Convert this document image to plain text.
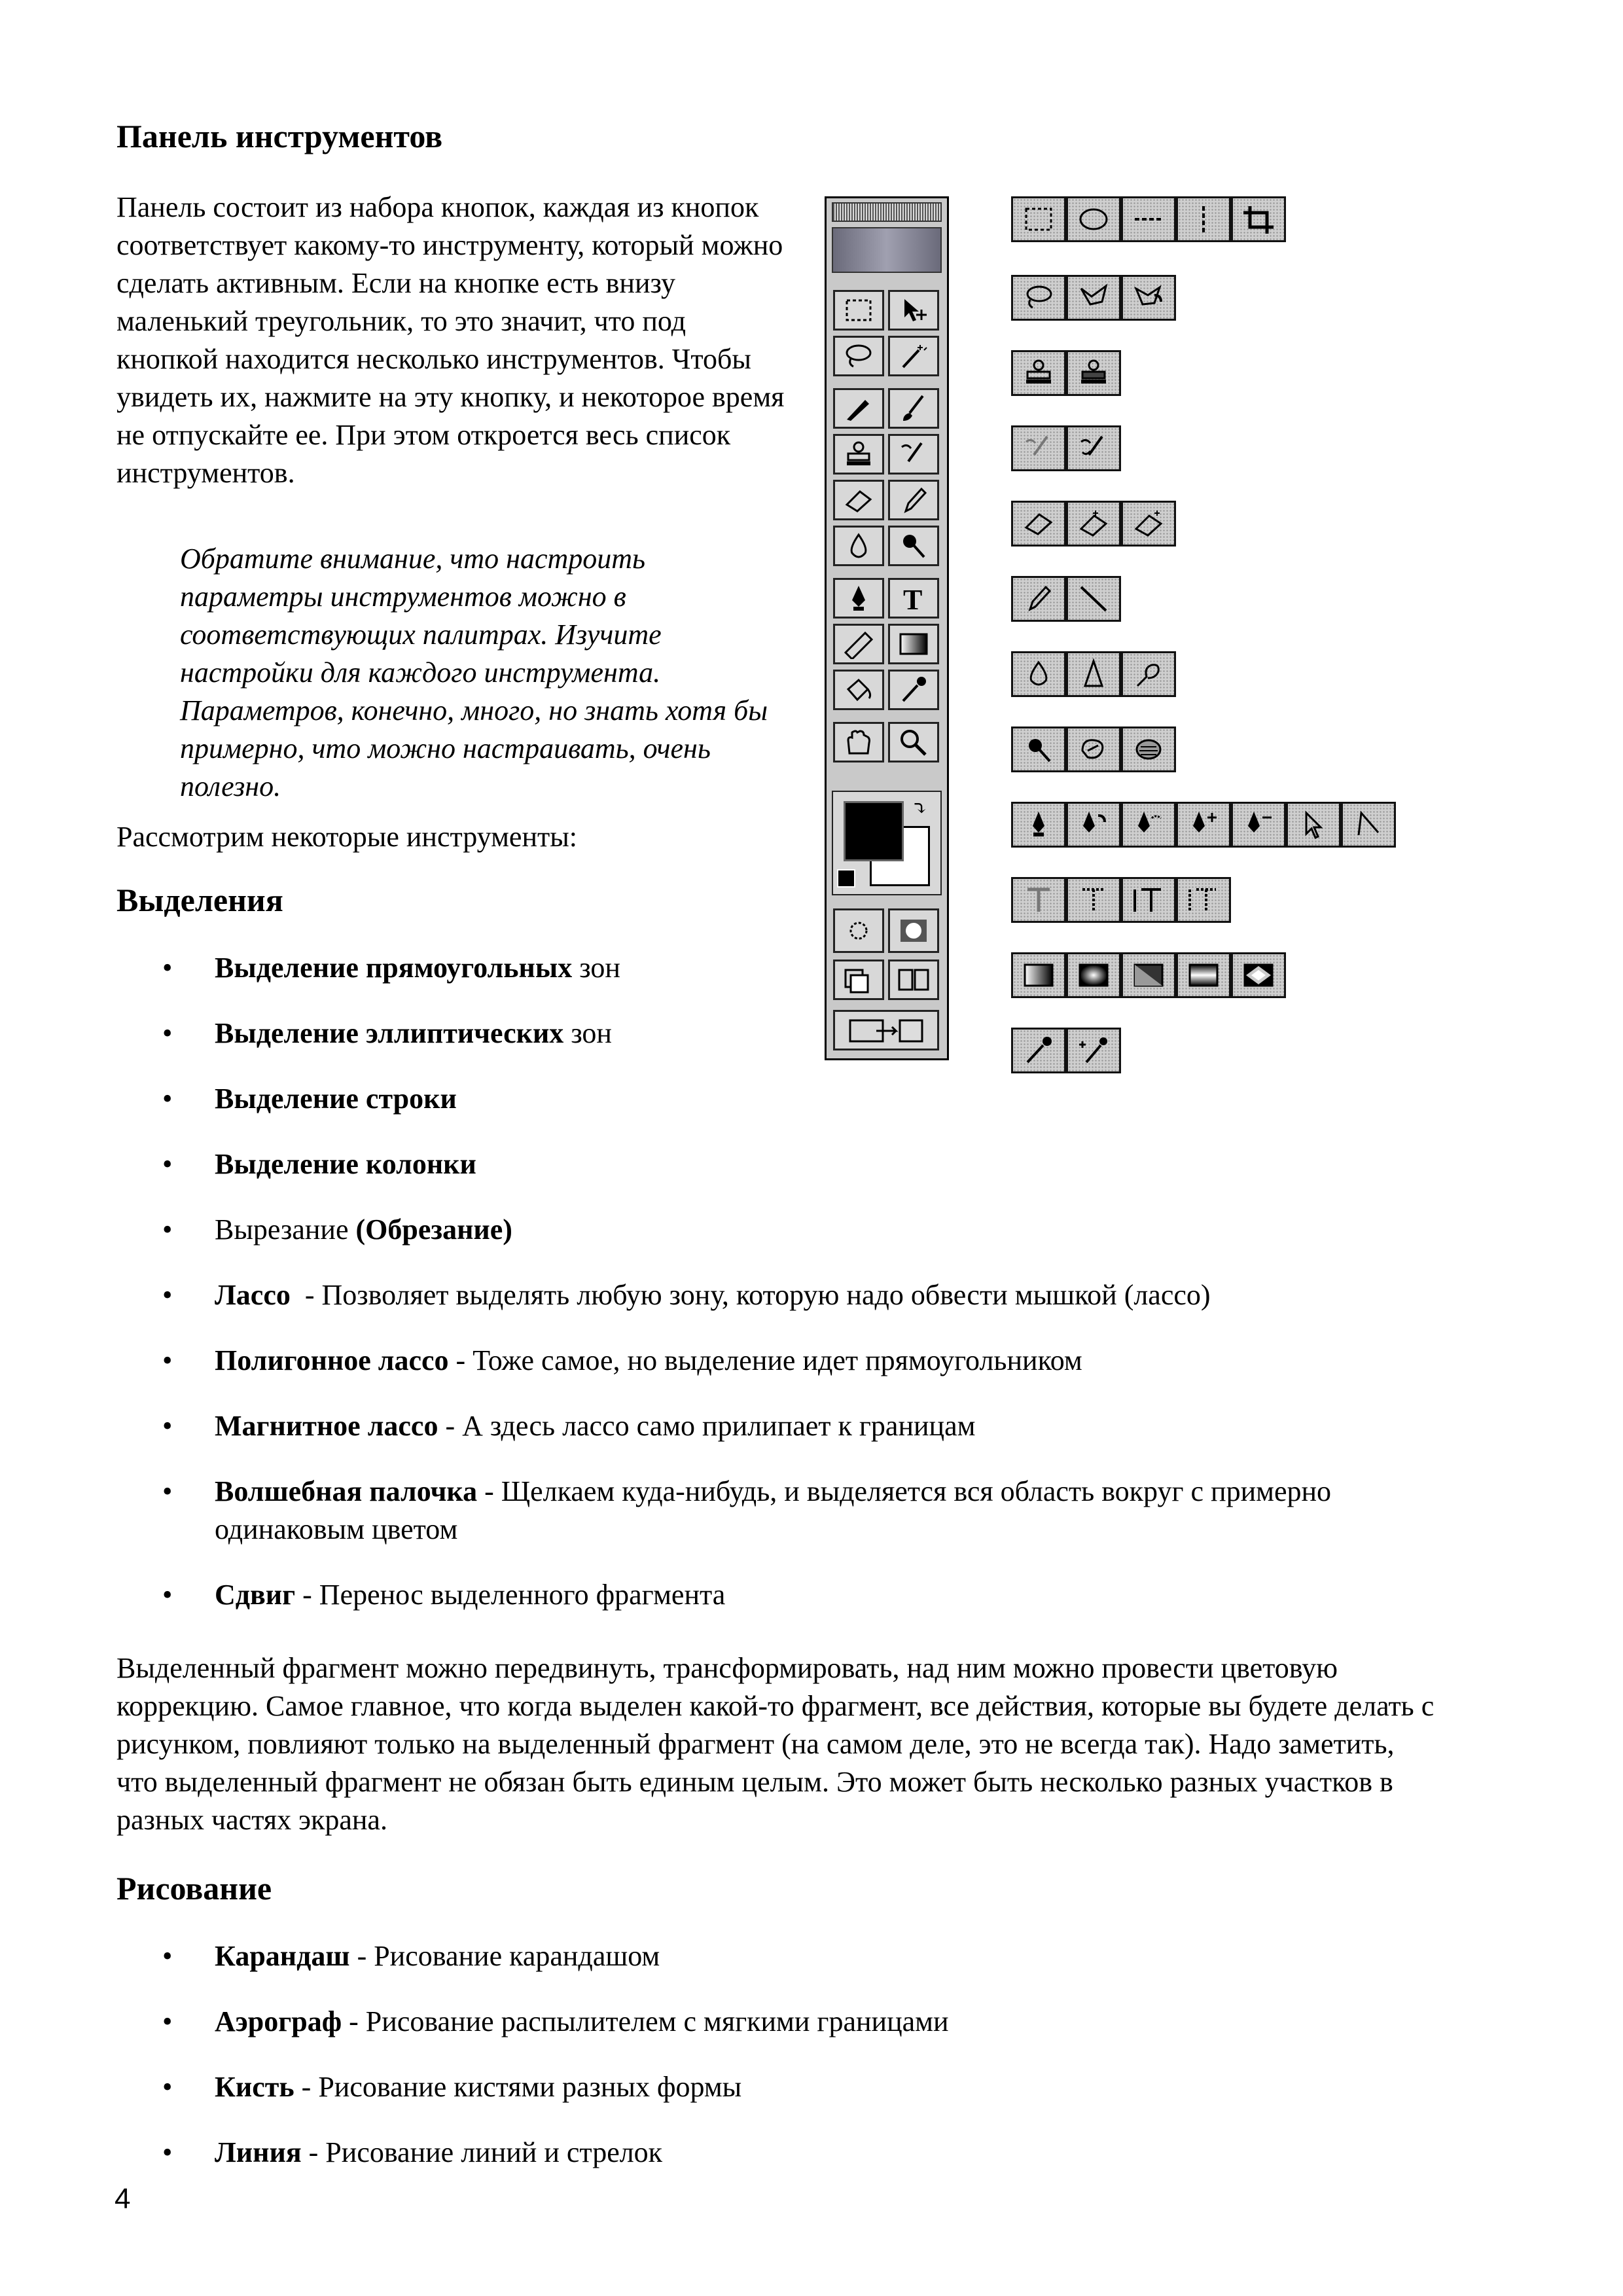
Панель инструментов

Панель состоит из набора кнопок, каждая из кнопок соответствует какому-то инструменту, который можно сделать активным. Если на кнопке есть внизу маленький треугольник, то это значит, что под кнопкой находится несколько инструментов. Чтобы увидеть их, нажмите на эту кнопку, и некоторое время не отпускайте ее. При этом откроется весь список инструментов.

Обратите внимание, что настроить параметры инструментов можно в соответствующих палитрах. Изучите настройки для каждого инструмента. Параметров, конечно, много, но знать хотя бы примерно, что можно настраивать, очень полезно.
Рассмотрим некоторые инструменты:
Выделения
• Выделение прямоугольных зон
• Выделение эллиптических зон
• Выделение строки
• Выделение колонки
• Вырезание (Обрезание)
• Лассо  - Позволяет выделять любую зону, которую надо обвести мышкой (лассо)
• Полигонное лассо - Тоже самое, но выделение идет прямоугольником
• Магнитное лассо - А здесь лассо само прилипает к границам
• Волшебная палочка - Щелкаем куда-нибудь, и выделяется вся область вокруг с примерно одинаковым цветом
• Сдвиг - Перенос выделенного фрагмента

Выделенный фрагмент можно передвинуть, трансформировать, над ним можно провести цветовую коррекцию. Самое главное, что когда выделен какой-то фрагмент, все действия, которые вы будете делать с рисунком, повлияют только на выделенный фрагмент (на самом деле, это не всегда так). Надо заметить, что выделенный фрагмент не обязан быть единым целым. Это может быть несколько разных участков в разных частях экрана.

Рисование
• Карандаш - Рисование карандашом
• Аэрограф - Рисование распылителем с мягкими границами
• Кисть - Рисование кистями разных формы
• Линия - Рисование линий и стрелок
4
T
⤵
